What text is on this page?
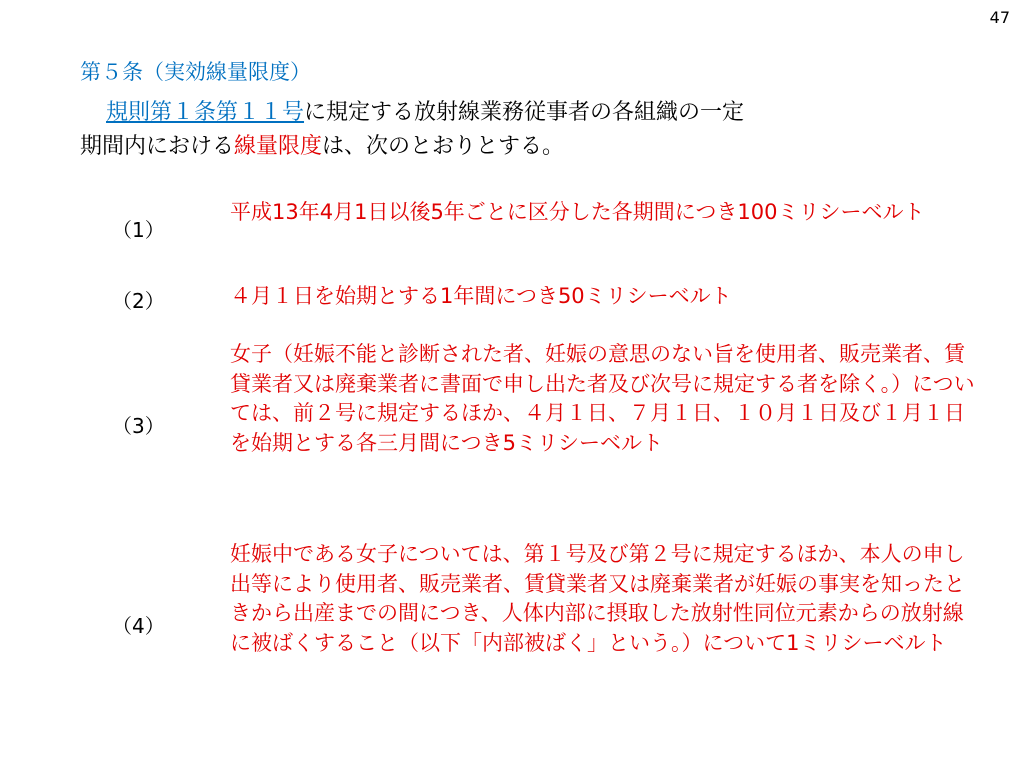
47
第５条（実効線量限度）
規則第１条第１１号に規定する放射線業務従事者の各組織の一定
期間内における線量限度は、次のとおりとする。
（1）
平成13年4月1日以後5年ごとに区分した各期間につき100ミリシーベルト
（2）	４月１日を始期とする1年間につき50ミリシーベルト
（3）
女子（妊娠不能と診断された者、妊娠の意思のない旨を使用者、販売業者、賃貸業者又は廃棄業者に書面で申し出た者及び次号に規定する者を除く。）については、前２号に規定するほか、４月１日、７月１日、１０月１日及び１月１日を始期とする各三月間につき5ミリシーベルト
（4）
妊娠中である女子については、第１号及び第２号に規定するほか、本人の申し出等により使用者、販売業者、賃貸業者又は廃棄業者が妊娠の事実を知ったときから出産までの間につき、人体内部に摂取した放射性同位元素からの放射線に被ばくすること（以下「内部被ばく」という。）について1ミリシーベルト
